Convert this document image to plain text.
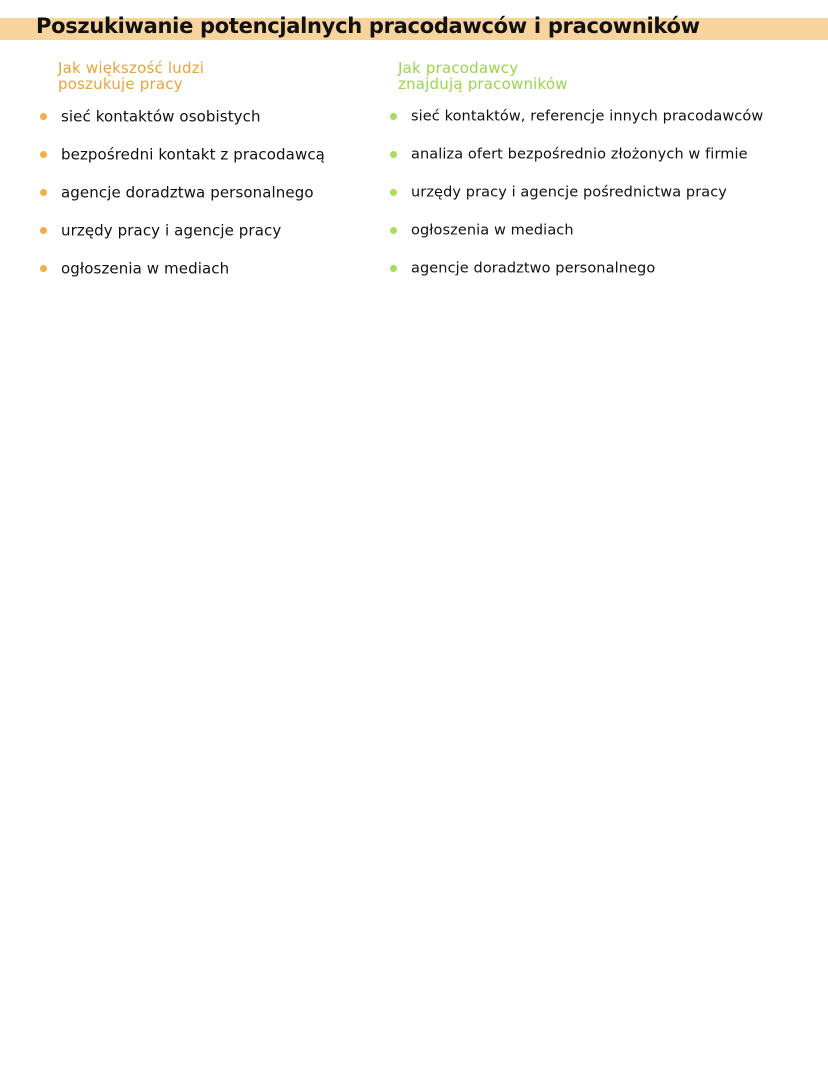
Poszukiwanie potencjalnych pracodawców i pracowników
Jak większość ludzi
poszukuje pracy
sieć kontaktów osobistych
bezpośredni kontakt z pracodawcą
agencje doradztwa personalnego
urzędy pracy i agencje pracy
ogłoszenia w mediach
Jak pracodawcy
znajdują pracowników
sieć kontaktów, referencje innych pracodawców
analiza ofert bezpośrednio złożonych w firmie
urzędy pracy i agencje pośrednictwa pracy
ogłoszenia w mediach
agencje doradztwo personalnego
